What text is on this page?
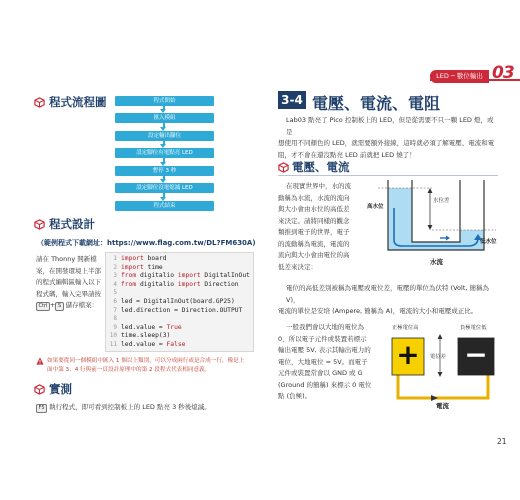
LED ─ 數位輸出 03
程式流程圖	程式開始
匯入模組
設定輸出腳位
設定腳位有電點亮 LED
暫停 3 秒
設定腳位沒電熄滅 LED
程式結束
程式設計
（範例程式下載網址：https://www.flag.com.tw/DL?FM630A)
請在 Thonny 開新檔
案，在開發環境上半部
的程式編輯區輸入以下
程式碼，輸入完畢請按
Ctrl + S 儲存檔案：
1 import board
2 import time
3 from digitalio import DigitalInOut
4 from digitalio import Direction
5
6 led = DigitalInOut(board.GP25)
7 led.direction = Direction.OUTPUT
8
9 led.value = True
10 time.sleep(3)
11 led.value = False
如果要從同一個模組中匯入 1 個以上類別，可以分成兩行或是合成一行，像是上
面中第 3、4 行與前一頁設計原理中的第 2 段程式代表相同意義。
實測
F5 執行程式，即可看到控制板上的 LED 點亮 3 秒後熄滅。
3-4 電壓、電流、電阻
Lab03 點亮了 Pico 控制板上的 LED，但是從需要不只一顆 LED 燈，或是
想使用不同顏色的 LED，就需要額外接線，這時就必須了解電壓、電流和電
阻，才不會在還沒點亮 LED 前就把 LED 燒了！
電壓、電流
在現實世界中，水的流
動稱為水流，水流的流向
與大小會由水位的高低差
來決定。請將同樣的觀念
類推到電子的世界，電子
的流動稱為電流，電流的
流向與大小會由電位的高
低差來決定：
高水位
水位差
低水位
水流
電位的高低差別被稱為電壓或電位差，電壓的單位為伏特 (Volt, 簡稱為 V)，
電流的單位是安培 (Ampere, 簡稱為 A)，電流的大小和電壓成正比。
一般我們會以大地的電位為
0，所以電子元件或裝置若標示
輸出電壓 5V, 表示其輸出電力的
電位，大地電位 = 5V。而電子
元件或裝置常會以 GND 或 G
(Ground 的簡稱) 來標示 0 電位
點 (負極)。
正極電位高	負極電位低
+ −
電位差
電流
21
